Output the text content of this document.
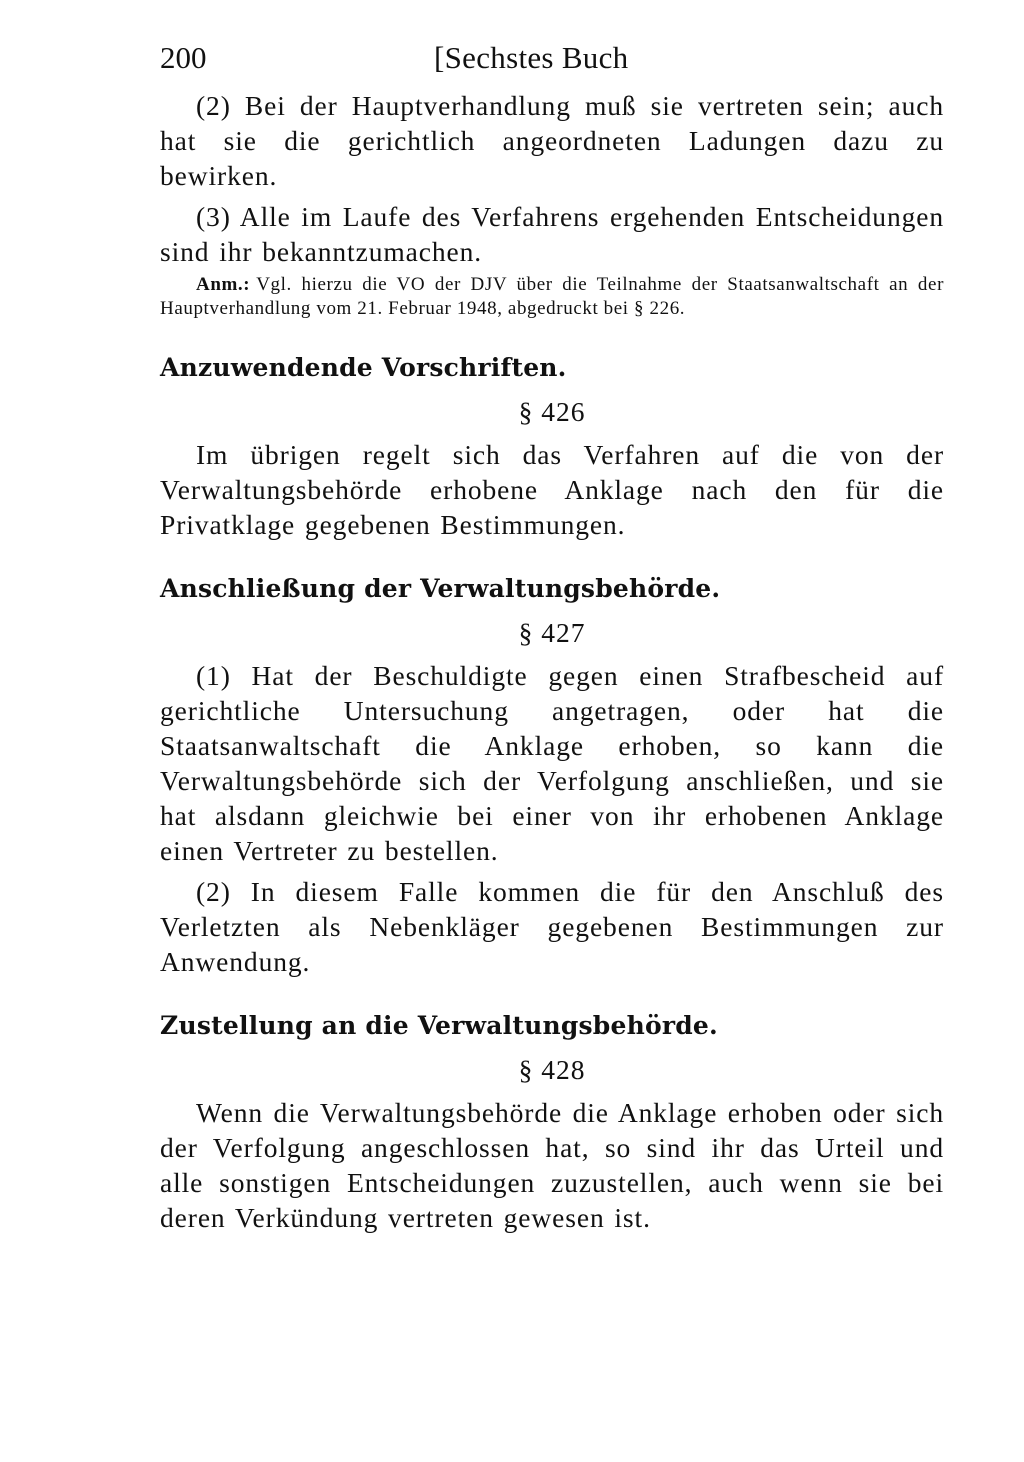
200	[Sechstes Buch

(2) Bei der Hauptverhandlung muß sie vertreten sein; auch hat sie die gerichtlich angeordneten Ladungen dazu zu bewirken.

(3) Alle im Laufe des Verfahrens ergehenden Entscheidungen sind ihr bekanntzumachen.

Anm.: Vgl. hierzu die VO der DJV über die Teilnahme der Staatsanwaltschaft an der Hauptverhandlung vom 21. Februar 1948, abgedruckt bei § 226.

Anzuwendende Vorschriften.
§ 426

Im übrigen regelt sich das Verfahren auf die von der Verwaltungsbehörde erhobene Anklage nach den für die Privatklage gegebenen Bestimmungen.

Anschließung der Verwaltungsbehörde.
§ 427

(1) Hat der Beschuldigte gegen einen Strafbescheid auf gerichtliche Untersuchung angetragen, oder hat die Staatsanwaltschaft die Anklage erhoben, so kann die Verwaltungsbehörde sich der Verfolgung anschließen, und sie hat alsdann gleichwie bei einer von ihr erhobenen Anklage einen Vertreter zu bestellen.

(2) In diesem Falle kommen die für den Anschluß des Verletzten als Nebenkläger gegebenen Bestimmungen zur Anwendung.

Zustellung an die Verwaltungsbehörde.
§ 428

Wenn die Verwaltungsbehörde die Anklage erhoben oder sich der Verfolgung angeschlossen hat, so sind ihr das Urteil und alle sonstigen Entscheidungen zuzustellen, auch wenn sie bei deren Verkündung vertreten gewesen ist.
